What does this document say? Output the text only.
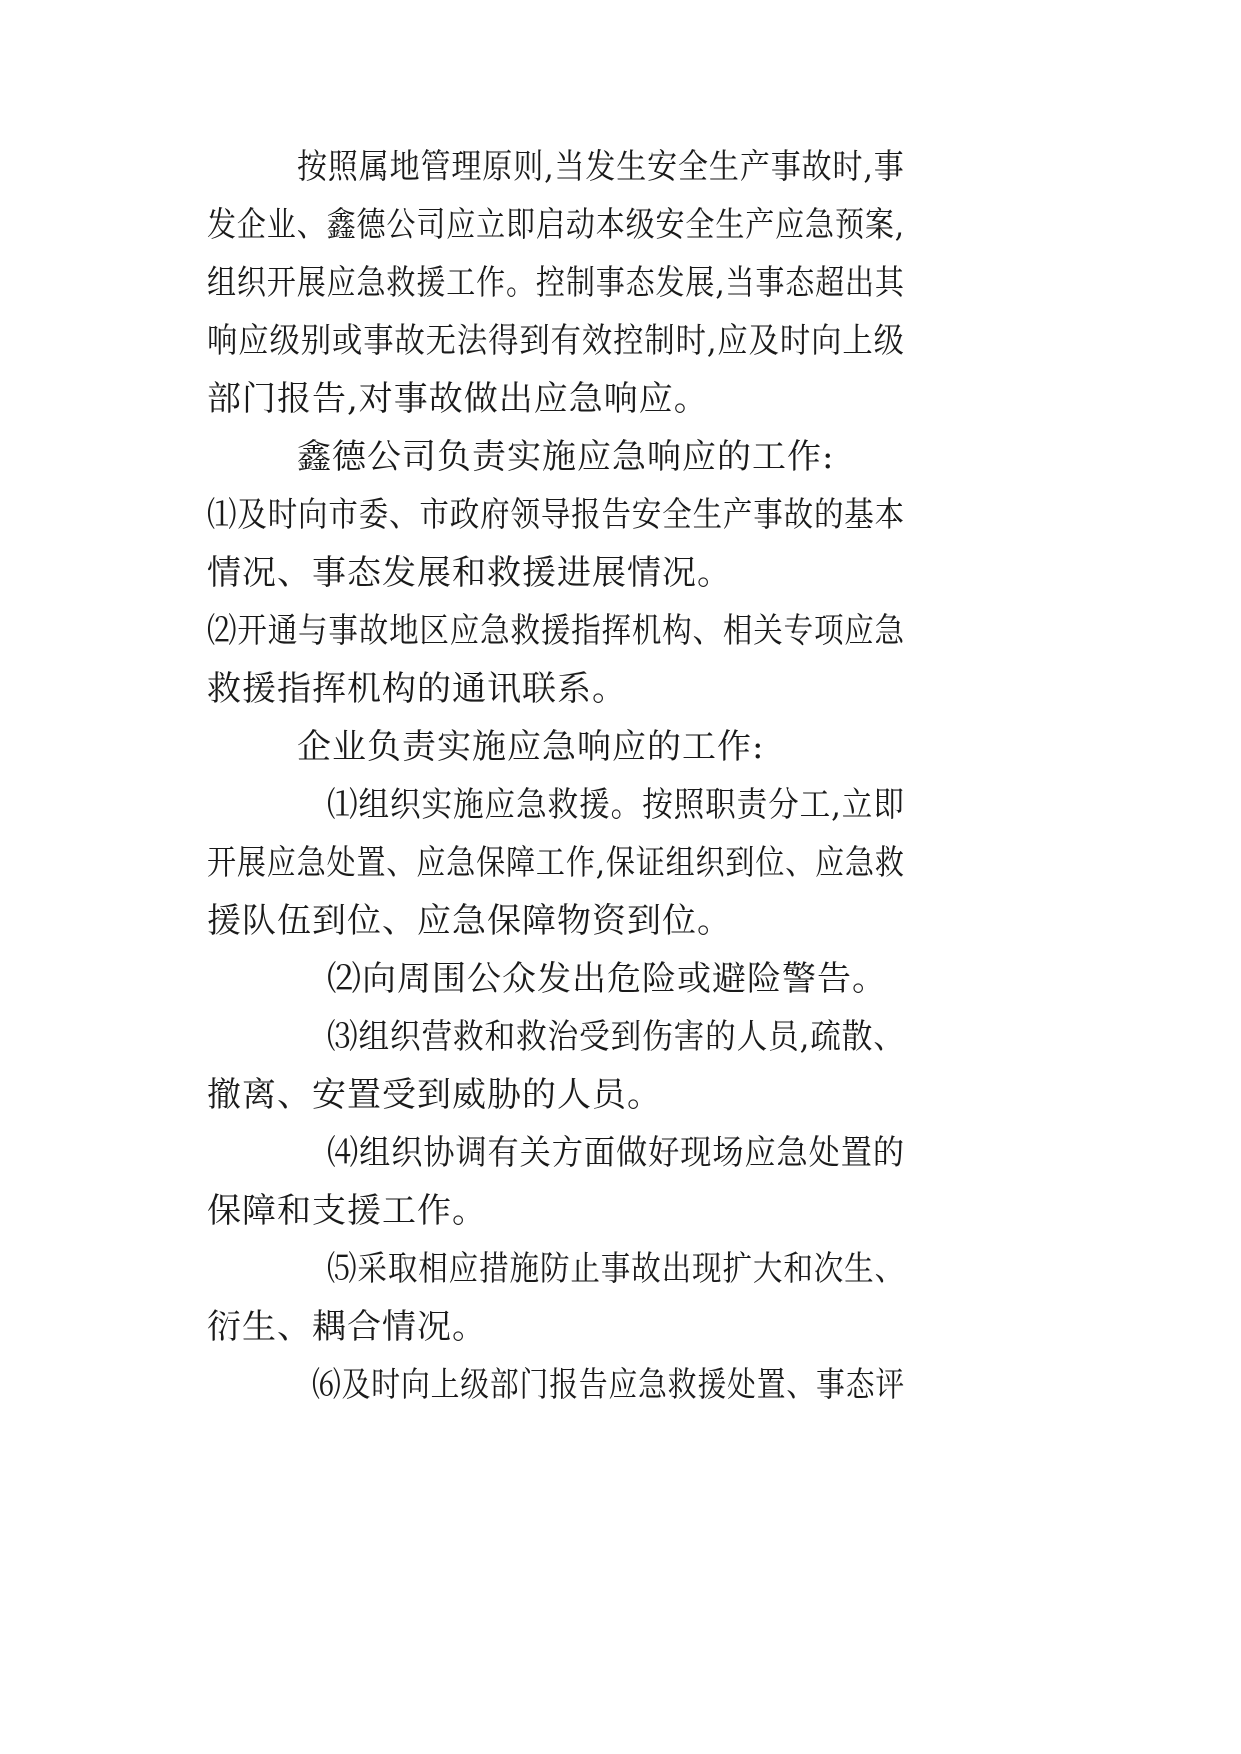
按照属地管理原则,当发生安全生产事故时,事
发企业、鑫德公司应立即启动本级安全生产应急预案,
组织开展应急救援工作。控制事态发展,当事态超出其
响应级别或事故无法得到有效控制时,应及时向上级
部门报告,对事故做出应急响应。
鑫德公司负责实施应急响应的工作:
⑴及时向市委、市政府领导报告安全生产事故的基本
情况、事态发展和救援进展情况。
⑵开通与事故地区应急救援指挥机构、相关专项应急
救援指挥机构的通讯联系。
企业负责实施应急响应的工作:
⑴组织实施应急救援。按照职责分工,立即
开展应急处置、应急保障工作,保证组织到位、应急救
援队伍到位、应急保障物资到位。
⑵向周围公众发出危险或避险警告。
⑶组织营救和救治受到伤害的人员,疏散、
撤离、安置受到威胁的人员。
⑷组织协调有关方面做好现场应急处置的
保障和支援工作。
⑸采取相应措施防止事故出现扩大和次生、
衍生、耦合情况。
⑹及时向上级部门报告应急救援处置、事态评
